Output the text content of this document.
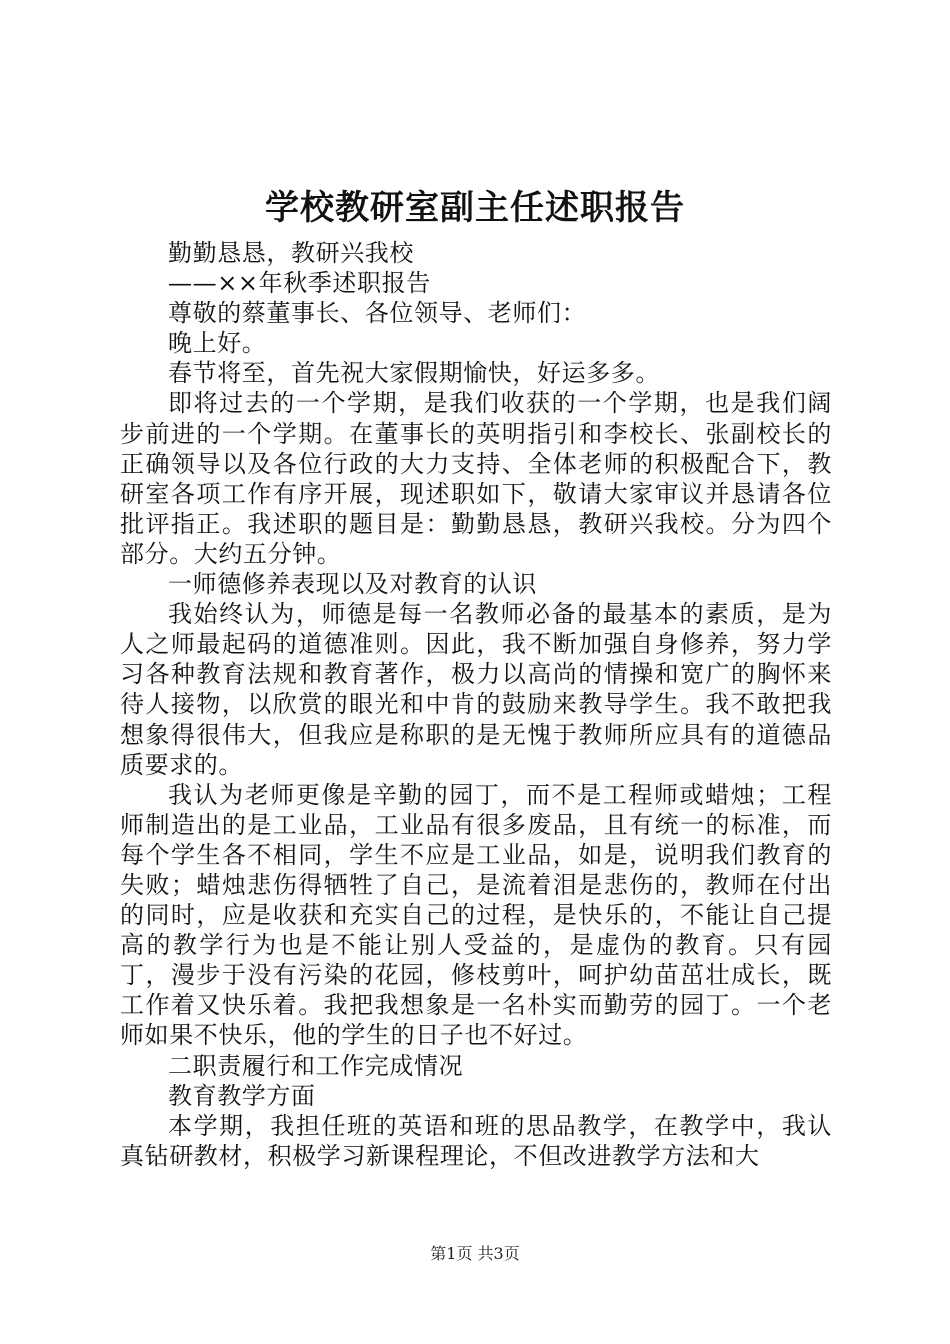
学校教研室副主任述职报告

勤勤恳恳，教研兴我校

——××年秋季述职报告

尊敬的蔡董事长、各位领导、老师们：

晚上好。

春节将至，首先祝大家假期愉快，好运多多。

即将过去的一个学期，是我们收获的一个学期，也是我们阔步前进的一个学期。在董事长的英明指引和李校长、张副校长的正确领导以及各位行政的大力支持、全体老师的积极配合下，教研室各项工作有序开展，现述职如下，敬请大家审议并恳请各位批评指正。我述职的题目是：勤勤恳恳，教研兴我校。分为四个部分。大约五分钟。

一师德修养表现以及对教育的认识

我始终认为，师德是每一名教师必备的最基本的素质，是为人之师最起码的道德准则。因此，我不断加强自身修养，努力学习各种教育法规和教育著作，极力以高尚的情操和宽广的胸怀来待人接物，以欣赏的眼光和中肯的鼓励来教导学生。我不敢把我想象得很伟大，但我应是称职的是无愧于教师所应具有的道德品质要求的。

我认为老师更像是辛勤的园丁，而不是工程师或蜡烛；工程师制造出的是工业品，工业品有很多废品，且有统一的标准，而每个学生各不相同，学生不应是工业品，如是，说明我们教育的失败；蜡烛悲伤得牺牲了自己，是流着泪是悲伤的，教师在付出的同时，应是收获和充实自己的过程，是快乐的，不能让自己提高的教学行为也是不能让别人受益的，是虚伪的教育。只有园丁，漫步于没有污染的花园，修枝剪叶，呵护幼苗茁壮成长，既工作着又快乐着。我把我想象是一名朴实而勤劳的园丁。一个老师如果不快乐，他的学生的日子也不好过。

二职责履行和工作完成情况

教育教学方面

本学期，我担任班的英语和班的思品教学，在教学中，我认真钻研教材，积极学习新课程理论，不但改进教学方法和大

第1页 共3页
